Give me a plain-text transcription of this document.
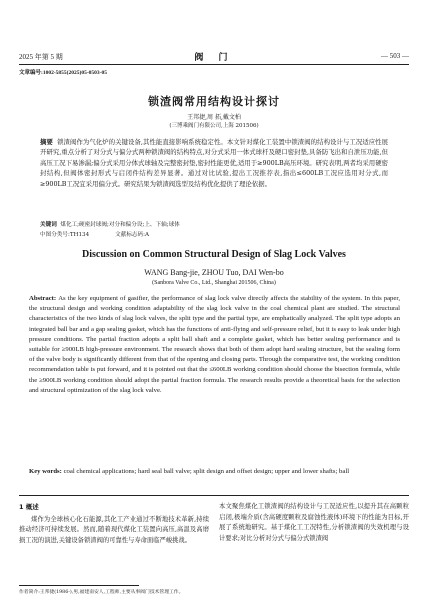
2025 年第 5 期	阀 门	— 503 —
文章编号:1002-5855(2025)05-0503-05
锁渣阀常用结构设计探讨
王邦捷,周 拓,戴文柏
(三博乘阀门有限公司,上海 201506)
摘要 锁渣阀作为气化炉的关键设备,其性能直接影响系统稳定性。本文针对煤化工装置中锁渣阀的结构设计与工况适应性展开研究,重点分析了对分式与偏分式两种锁渣阀的结构特点,对分式采用一体式球杆及硬口密封垫,具备防飞出和自泄压功能,但高压工况下易渗漏;偏分式采用分体式球轴及完整密封垫,密封性能更优,适用于≥900LB高压环境。研究表明,两者均采用硬密封结构,但阀体密封形式与启闭件结构差异显著。通过对比试验,提出工况推荐表,指出≤600LB工况应选用对分式,而≥900LB工况宜采用偏分式。研究结果为锁渣阀选型及结构优化提供了理论依据。
关键词 煤化工;硬密封球阀;对分和偏分设;上、下轴;球体
中图分类号:TH134	文献标志码:A
Discussion on Common Structural Design of Slag Lock Valves
WANG Bang-jie, ZHOU Tuo, DAI Wen-bo
(Sanbora Valve Co., Ltd., Shanghai 201506, China)
Abstract: As the key equipment of gasifier, the performance of slag lock valve directly affects the stability of the system. In this paper, the structural design and working condition adaptability of the slag lock valve in the coal chemical plant are studied. The structural characteristics of the two kinds of slag lock valves, the split type and the partial type, are emphatically analyzed. The split type adopts an integrated ball bar and a gap sealing gasket, which has the functions of anti-flying and self-pressure relief, but it is easy to leak under high pressure conditions. The partial fraction adopts a split ball shaft and a complete gasket, which has better sealing performance and is suitable for ≥900LB high-pressure environment. The research shows that both of them adopt hard sealing structure, but the sealing form of the valve body is significantly different from that of the opening and closing parts. Through the comparative test, the working condition recommendation table is put forward, and it is pointed out that the ≤600LB working condition should choose the bisection formula, while the ≥900LB working condition should adopt the partial fraction formula. The research results provide a theoretical basis for the selection and structural optimization of the slag lock valve.
Key words: coal chemical applications; hard seal ball valve; split design and offset design; upper and lower shafts; ball
1 概述
煤作为全球核心化石能源,其化工产业通过不断地技术革新,持续推动经济可持续发展。然而,随着现代煤化工装置向高压,高温及高磨损工况的演进,关键设备锁渣阀的可靠性与寿命面临严峻挑战。
本文聚焦煤化工锁渣阀的结构设计与工况适应性,以提升其在高颗粒启闭,极端介质(含高硬度颗粒及腐蚀性液体)环境下的性能为目标,开展了系统地研究。基于煤化工工况特性,分析锁渣阀的失效机理与设计要求;对比分析对分式与偏分式锁渣阀
作者简介:王邦捷(1986-),男,福建南安人,工程师,主要从事阀门技术管理工作。
